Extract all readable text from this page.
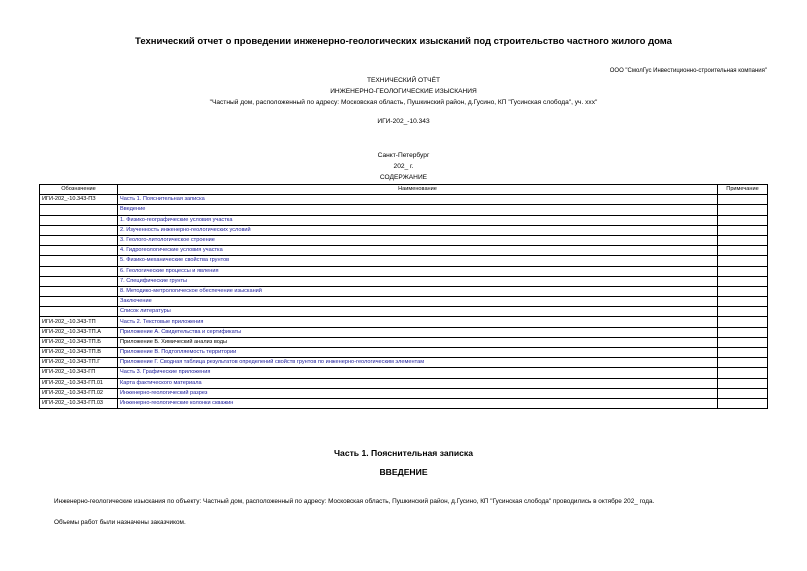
Технический отчет о проведении инженерно-геологических изысканий под строительство частного жилого дома
ООО "СмолГус Инвестиционно-строительная компания"
ТЕХНИЧЕСКИЙ ОТЧЁТ
ИНЖЕНЕРНО-ГЕОЛОГИЧЕСКИЕ ИЗЫСКАНИЯ
"Частный дом, расположенный по адресу: Московская область, Пушкинский район, д.Гусино, КП "Гусинская слобода", уч. ххх"
ИГИ-202_-10.343
Санкт-Петербург
202_ г.
СОДЕРЖАНИЕ
Обозначение	Наименование	Примечание
ИГИ-202_-10.343-ПЗ	Часть 1. Пояснительная записка	
	Введение	
	1. Физико-географические условия участка	
	2. Изученность инженерно-геологических условий	
	3. Геолого-литологическое строение	
	4. Гидрогеологические условия участка	
	5. Физико-механические свойства грунтов	
	6. Геологические процессы и явления	
	7. Специфические грунты	
	8. Методико-метрологическое обеспечение изысканий	
	Заключение	
	Список литературы	
ИГИ-202_-10.343-ТП	Часть 2. Текстовые приложения	
ИГИ-202_-10.343-ТП.А	Приложение А. Свидетельства и сертификаты	
ИГИ-202_-10.343-ТП.Б	Приложение Б. Химический анализ воды	
ИГИ-202_-10.343-ТП.В	Приложение В. Подтопляемость территории	
ИГИ-202_-10.343-ТП.Г	Приложение Г. Сводная таблица результатов определений свойств грунтов по инженерно-геологическим элементам	
ИГИ-202_-10.343-ГП	Часть 3. Графические приложения	
ИГИ-202_-10.343-ГП.01	Карта фактического материала	
ИГИ-202_-10.343-ГП.02	Инженерно-геологический разрез	
ИГИ-202_-10.343-ГП.03	Инженерно-геологические колонки скважин	
Часть 1. Пояснительная записка
ВВЕДЕНИЕ
Инженерно-геологические изыскания по объекту: Частный дом, расположенный по адресу: Московская область, Пушкинский район, д.Гусино, КП "Гусинская слобода" проводились в октябре 202_ года.
Объемы работ были назначены заказчиком.
